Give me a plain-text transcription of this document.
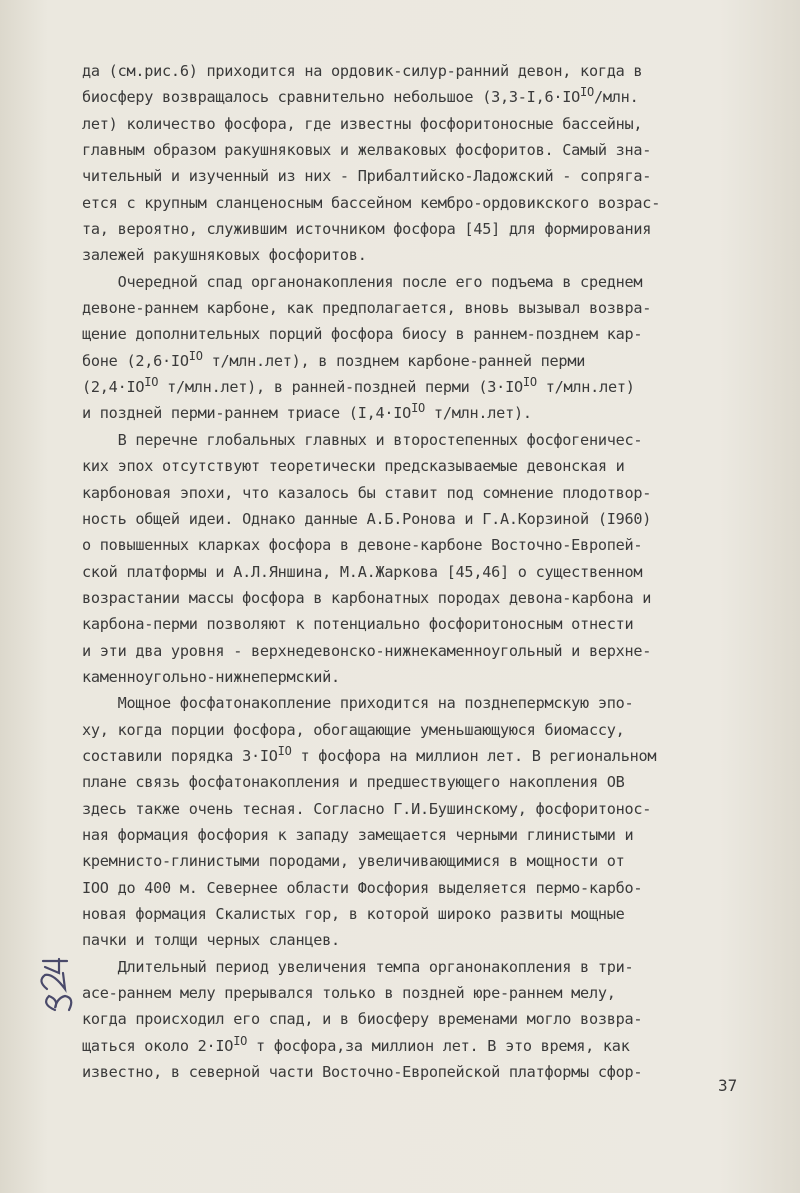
да (см.рис.6) приходится на ордовик-силур-ранний девон, когда в
биосферу возвращалось сравнительно небольшое ($3,3-I,6\cdot IO^{IO}$/млн.
лет) количество фосфора, где известны фосфоритоносные бассейны,
главным образом ракушняковых и желваковых фосфоритов. Самый зна-
чительный и изученный из них - Прибалтийско-Ладожский - сопряга-
ется с крупным сланценосным бассейном кембро-ордовикского возрас-
та, вероятно, служившим источником фосфора [45] для формирования
залежей ракушняковых фосфоритов.
Очередной спад органонакопления после его подъема в среднем
девоне-раннем карбоне, как предполагается, вновь вызывал возвра-
щение дополнительных порций фосфора биосу в раннем-позднем кар-
боне ($2,6\cdot IO^{IO}$ т/млн.лет), в позднем карбоне-ранней перми
($2,4\cdot IO^{IO}$ т/млн.лет), в ранней-поздней перми ($3\cdot IO^{IO}$ т/млн.лет)
и поздней перми-раннем триасе ($I,4\cdot IO^{IO}$ т/млн.лет).
В перечне глобальных главных и второстепенных фосфогеничес-
ких эпох отсутствуют теоретически предсказываемые девонская и
карбоновая эпохи, что казалось бы ставит под сомнение плодотвор-
ность общей идеи. Однако данные А.Б.Ронова и Г.А.Корзиной (I960)
о повышенных кларках фосфора в девоне-карбоне Восточно-Европей-
ской платформы и А.Л.Яншина, М.А.Жаркова [45,46] о существенном
возрастании массы фосфора в карбонатных породах девона-карбона и
карбона-перми позволяют к потенциально фосфоритоносным отнести
и эти два уровня - верхнедевонско-нижнекаменноугольный и верхне-
каменноугольно-нижнепермский.
Мощное фосфатонакопление приходится на позднепермскую эпо-
ху, когда порции фосфора, обогащающие уменьшающуюся биомассу,
составили порядка $3\cdot IO^{IO}$ т фосфора на миллион лет. В региональном
плане связь фосфатонакопления и предшествующего накопления ОВ
здесь также очень тесная. Согласно Г.И.Бушинскому, фосфоритонос-
ная формация фосфория к западу замещается черными глинистыми и
кремнисто-глинистыми породами, увеличивающимися в мощности от
IOO до 400 м. Севернее области Фосфория выделяется пермо-карбо-
новая формация Скалистых гор, в которой широко развиты мощные
пачки и толщи черных сланцев.
Длительный период увеличения темпа органонакопления в три-
асе-раннем мелу прерывался только в поздней юре-раннем мелу,
когда происходил его спад, и в биосферу временами могло возвра-
щаться около $2\cdot IO^{IO}$ т фосфора,за миллион лет. В это время, как
известно, в северной части Восточно-Европейской платформы сфор-
37
